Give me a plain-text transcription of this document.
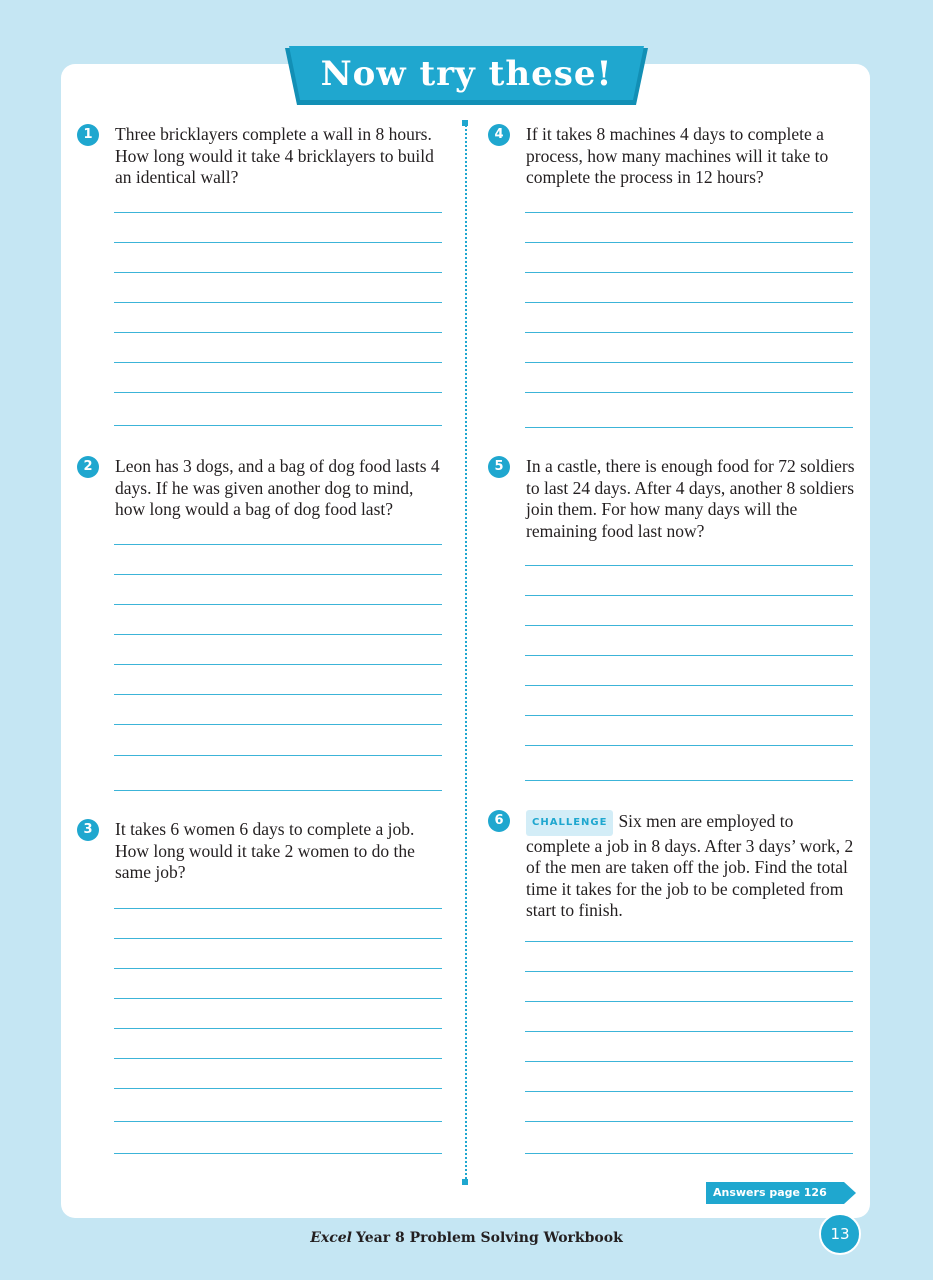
Now try these!
1	Three bricklayers complete a wall in 8 hours. How long would it take 4 bricklayers to build an identical wall?
2	Leon has 3 dogs, and a bag of dog food lasts 4 days. If he was given another dog to mind, how long would a bag of dog food last?
3	It takes 6 women 6 days to complete a job. How long would it take 2 women to do the same job?
4	If it takes 8 machines 4 days to complete a process, how many machines will it take to complete the process in 12 hours?
5	In a castle, there is enough food for 72 soldiers to last 24 days. After 4 days, another 8 soldiers join them. For how many days will the remaining food last now?
6	CHALLENGE Six men are employed to complete a job in 8 days. After 3 days’ work, 2 of the men are taken off the job. Find the total time it takes for the job to be completed from start to finish.
Answers page 126
Excel Year 8 Problem Solving Workbook	13
